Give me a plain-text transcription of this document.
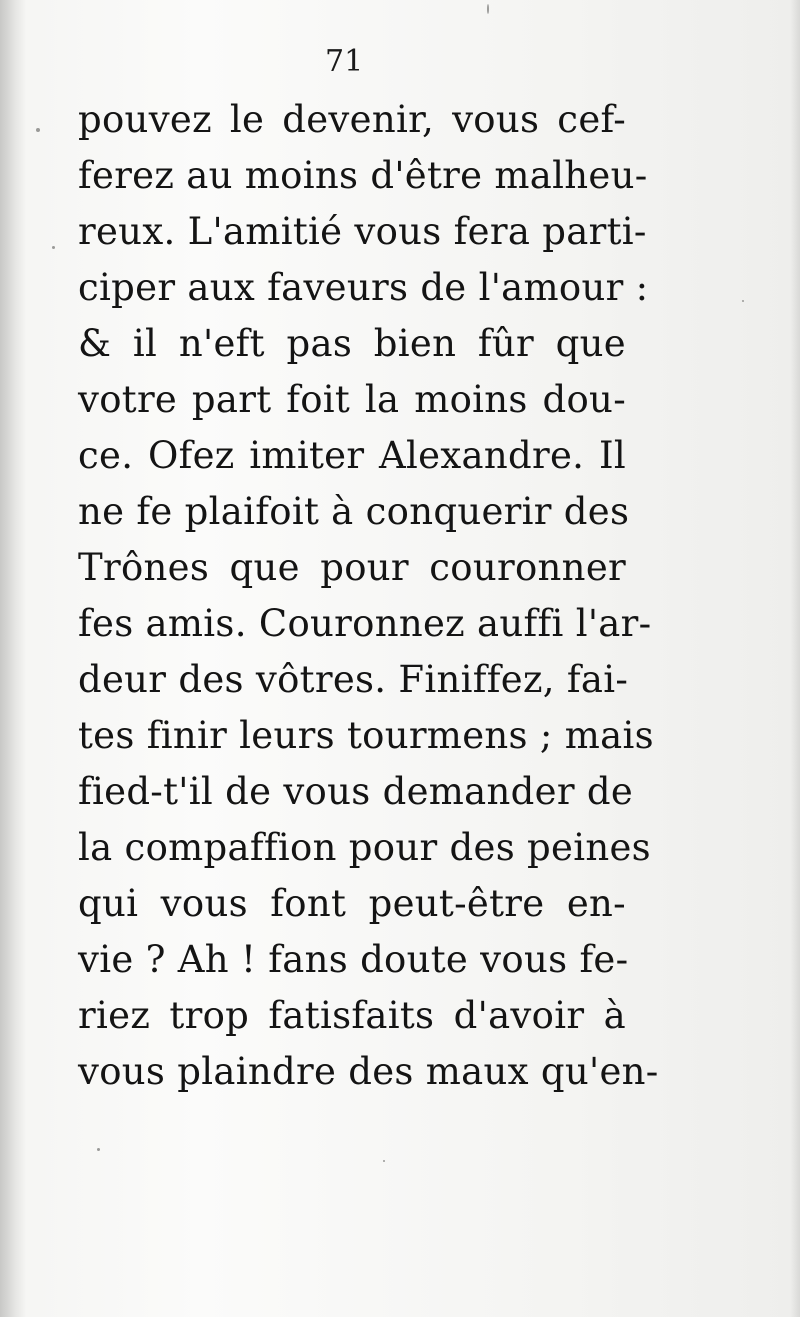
71
pouvez le devenir, vous cef-
ferez au moins d'être malheu-
reux. L'amitié vous fera parti-
ciper aux faveurs de l'amour :
& il n'eft pas bien fûr que
votre part foit la moins dou-
ce. Ofez imiter Alexandre. Il
ne fe plaifoit à conquerir des
Trônes que pour couronner
fes amis. Couronnez auffi l'ar-
deur des vôtres. Finiffez, fai-
tes finir leurs tourmens ; mais
fied-t'il de vous demander de
la compaffion pour des peines
qui vous font peut-être en-
vie ? Ah ! fans doute vous fe-
riez trop fatisfaits d'avoir à
vous plaindre des maux qu'en-
